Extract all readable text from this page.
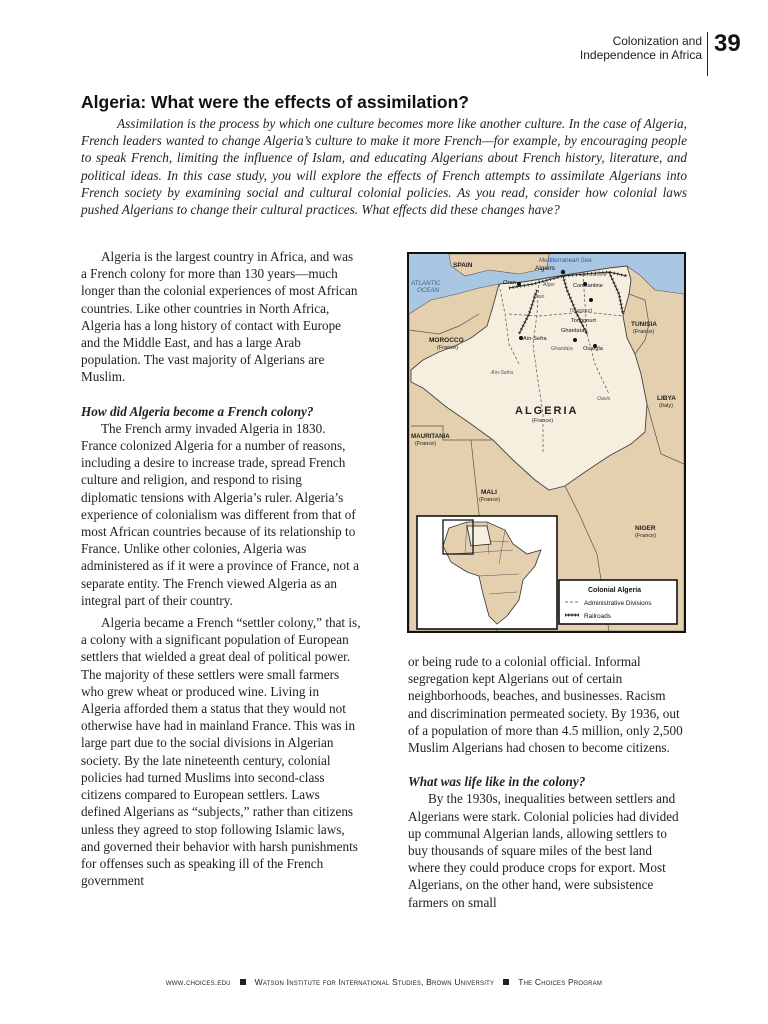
Colonization and
Independence in Africa 39
Algeria: What were the effects of assimilation?

Assimilation is the process by which one culture becomes more like another culture. In the case of Algeria, French leaders wanted to change Algeria’s culture to make it more French—for example, by encouraging people to speak French, limiting the influence of Islam, and educating Algerians about French history, literature, and political ideas. In this case study, you will explore the effects of French attempts to assimilate Algerians into French society by examining social and cultural colonial policies. As you read, consider how colonial laws pushed Algerians to change their cultural practices. What effects did these changes have?

Algeria is the largest country in Africa, and was a French colony for more than 130 years—much longer than the colonial experiences of most African countries. Like other countries in North Africa, Algeria has a long history of contact with Europe and the Middle East, and has a large Arab population. The vast majority of Algerians are Muslim.

How did Algeria become a French colony?

The French army invaded Algeria in 1830. France colonized Algeria for a number of reasons, including a desire to increase trade, spread French culture and religion, and respond to rising diplomatic tensions with Algeria’s ruler. Algeria’s experience of colonialism was different from that of most African countries because of its relationship to France. Unlike other colonies, Algeria was administered as if it were a province of France, not a separate entity. The French viewed Algeria as an integral part of their country.

Algeria became a French “settler colony,” that is, a colony with a significant population of European settlers that wielded a great deal of political power. The majority of these settlers were small farmers who grew wheat or produced wine. Living in Algeria afforded them a status that they would not otherwise have had in mainland France. This was in large part due to the social divisions in Algerian society. By the late nineteenth century, colonial policies had turned Muslims into second-class citizens compared to European settlers. Laws defined Algerians as “subjects,” rather than citizens unless they agreed to stop following Islamic laws, and governed their behavior with harsh punishments for offenses such as speaking ill of the French government

or being rude to a colonial official. Informal segregation kept Algerians out of certain neighborhoods, beaches, and businesses. Racism and discrimination permeated society. By 1936, out of a population of more than 4.5 million, only 2,500 Muslim Algerians had chosen to become citizens.

What was life like in the colony?

By the 1930s, inequalities between settlers and Algerians were stark. Colonial policies had divided up communal Algerian lands, allowing settlers to buy thousands of square miles of the best land where they could produce crops for export. Most Algerians, on the other hand, were subsistence farmers on small

Mediterranean Sea
ATLANTIC
OCEAN
SPAIN	Algiers
Constantine
Constantine
Oran	Alger
Oran
Touggourt
Touggourt
Ghardaïa
Ghardaïa Ouargla
Aïn-Sefra
Aïn-Sefra
Oasis
ALGERIA
(France)
MOROCCO
(France)
TUNISIA
(France)
LIBYA
(Italy)
MAURITANIA
(France)
MALI
(France)
NIGER
(France)
Colonial Algeria
Administrative Divisions
Railroads
www.choices.edu	Watson Institute for International Studies, Brown University	The Choices Program
